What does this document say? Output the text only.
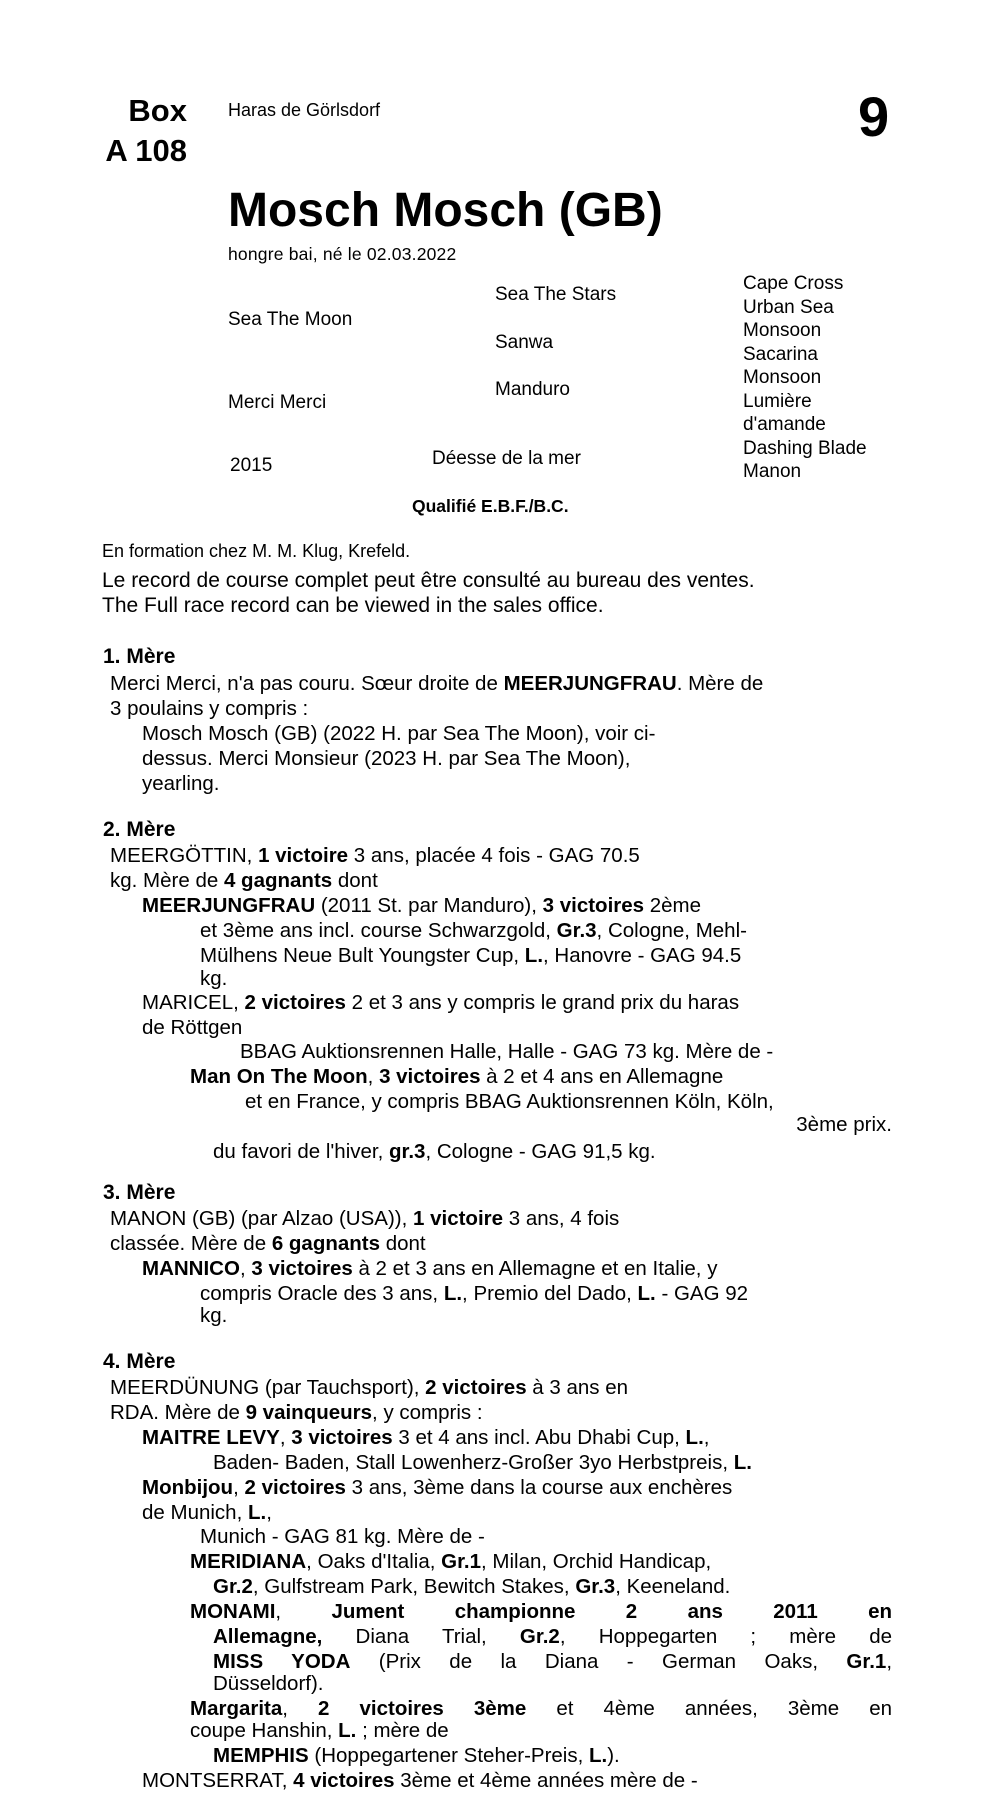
Box
A 108
Haras de Görlsdorf	9
Mosch Mosch (GB)
hongre bai, né le 02.03.2022
Sea The Moon
Merci Merci
2015
Sea The Stars
Sanwa
Manduro
Déesse de la mer
Cape Cross
Urban Sea
Monsoon
Sacarina
Monsoon
Lumière
d'amande
Dashing Blade
Manon
Qualifié E.B.F./B.C.
En formation chez M. M. Klug, Krefeld.
Le record de course complet peut être consulté au bureau des ventes.
The Full race record can be viewed in the sales office.
1. Mère
2. Mère
3. Mère
4. Mère
Merci Merci, n'a pas couru. Sœur droite de MEERJUNGFRAU. Mère de
3 poulains y compris :
Mosch Mosch (GB) (2022 H. par Sea The Moon), voir ci-
dessus. Merci Monsieur (2023 H. par Sea The Moon),
yearling.
MEERGÖTTIN, 1 victoire 3 ans, placée 4 fois - GAG 70.5
kg. Mère de 4 gagnants dont
MEERJUNGFRAU (2011 St. par Manduro), 3 victoires 2ème
et 3ème ans incl. course Schwarzgold, Gr.3, Cologne, Mehl-
Mülhens Neue Bult Youngster Cup, L., Hanovre - GAG 94.5
kg.
MARICEL, 2 victoires 2 et 3 ans y compris le grand prix du haras
de Röttgen
BBAG Auktionsrennen Halle, Halle - GAG 73 kg. Mère de -
Man On The Moon, 3 victoires à 2 et 4 ans en Allemagne
et en France, y compris BBAG Auktionsrennen Köln, Köln,
3ème prix.
du favori de l'hiver, gr.3, Cologne - GAG 91,5 kg.
MANON (GB) (par Alzao (USA)), 1 victoire 3 ans, 4 fois
classée. Mère de 6 gagnants dont
MANNICO, 3 victoires à 2 et 3 ans en Allemagne et en Italie, y
compris Oracle des 3 ans, L., Premio del Dado, L. - GAG 92
kg.
MEERDÜNUNG (par Tauchsport), 2 victoires à 3 ans en
RDA. Mère de 9 vainqueurs, y compris :
MAITRE LEVY, 3 victoires 3 et 4 ans incl. Abu Dhabi Cup, L.,
Baden- Baden, Stall Lowenherz-Großer 3yo Herbstpreis, L.
Monbijou, 2 victoires 3 ans, 3ème dans la course aux enchères
de Munich, L.,
Munich - GAG 81 kg. Mère de -
MERIDIANA, Oaks d'Italia, Gr.1, Milan, Orchid Handicap,
Gr.2, Gulfstream Park, Bewitch Stakes, Gr.3, Keeneland.
MONAMI, Jument championne 2 ans 2011 en
Allemagne, Diana Trial, Gr.2, Hoppegarten ; mère de
MISS YODA (Prix de la Diana - German Oaks, Gr.1,
Düsseldorf).
Margarita, 2 victoires 3ème et 4ème années, 3ème en
coupe Hanshin, L. ; mère de
MEMPHIS (Hoppegartener Steher-Preis, L.).
MONTSERRAT, 4 victoires 3ème et 4ème années mère de -
